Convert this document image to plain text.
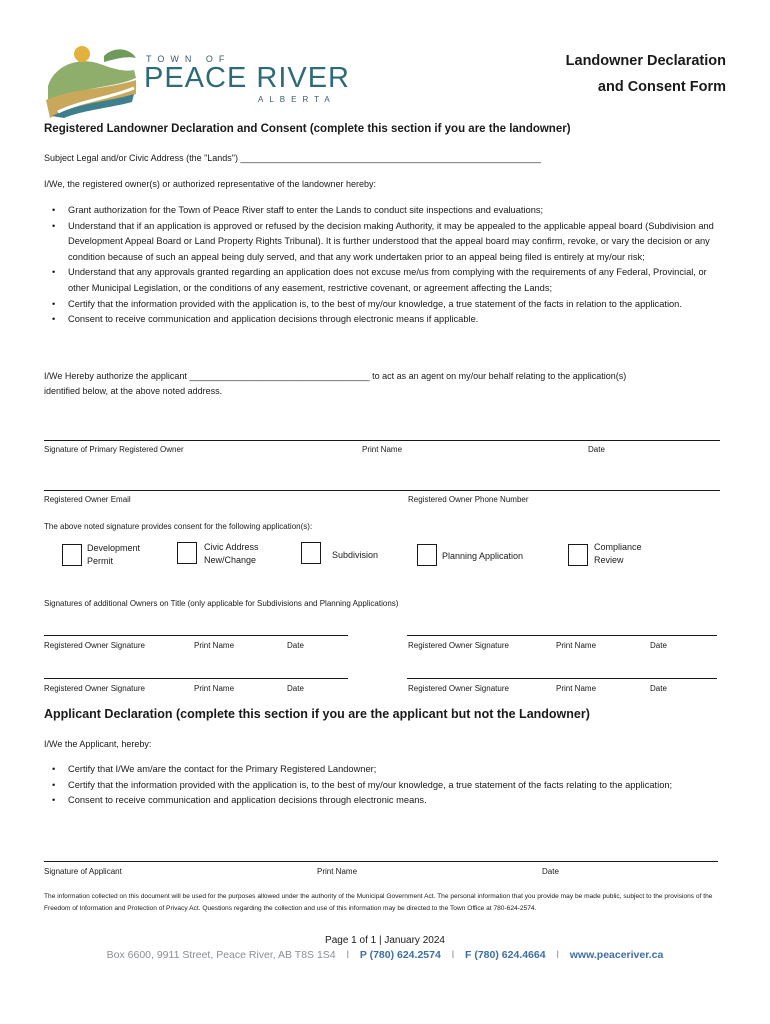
TOWN OF
PEACE RIVER
ALBERTA
Landowner Declaration
and Consent Form
Registered Landowner Declaration and Consent (complete this section if you are the landowner)
Subject Legal and/or Civic Address (the "Lands") ____________________________________________________________
I/We, the registered owner(s) or authorized representative of the landowner hereby:
• Grant authorization for the Town of Peace River staff to enter the Lands to conduct site inspections and evaluations;
• Understand that if an application is approved or refused by the decision making Authority, it may be appealed to the applicable appeal board (Subdivision and Development Appeal Board or Land Property Rights Tribunal). It is further understood that the appeal board may confirm, revoke, or vary the decision or any condition because of such an appeal being duly served, and that any work undertaken prior to an appeal being filed is entirely at my/our risk;
• Understand that any approvals granted regarding an application does not excuse me/us from complying with the requirements of any Federal, Provincial, or other Municipal Legislation, or the conditions of any easement, restrictive covenant, or agreement affecting the Lands;
• Certify that the information provided with the application is, to the best of my/our knowledge, a true statement of the facts in relation to the application.
• Consent to receive communication and application decisions through electronic means if applicable.
I/We Hereby authorize the applicant ____________________________________ to act as an agent on my/our behalf relating to the application(s)
identified below, at the above noted address.
Signature of Primary Registered Owner	Print Name	Date
Registered Owner Email	Registered Owner Phone Number
The above noted signature provides consent for the following application(s):
Development
Permit
Civic Address
New/Change	Subdivision	Planning Application
Compliance
Review
Signatures of additional Owners on Title (only applicable for Subdivisions and Planning Applications)
Registered Owner Signature	Print Name	Date	Registered Owner Signature	Print Name	Date
Registered Owner Signature	Print Name	Date	Registered Owner Signature	Print Name	Date
Applicant Declaration (complete this section if you are the applicant but not the Landowner)
I/We the Applicant, hereby:
• Certify that I/We am/are the contact for the Primary Registered Landowner;
• Certify that the information provided with the application is, to the best of my/our knowledge, a true statement of the facts relating to the application;
• Consent to receive communication and application decisions through electronic means.
Signature of Applicant	Print Name	Date
The information collected on this document will be used for the purposes allowed under the authority of the Municipal Government Act. The personal information that you provide may be made public, subject to the provisions of the Freedom of Information and Protection of Privacy Act. Questions regarding the collection and use of this information may be directed to the Town Office at 780-624-2574.
Page 1 of 1 | January 2024
Box 6600, 9911 Street, Peace River, AB T8S 1S4 l P (780) 624.2574 l F (780) 624.4664 l www.peaceriver.ca
